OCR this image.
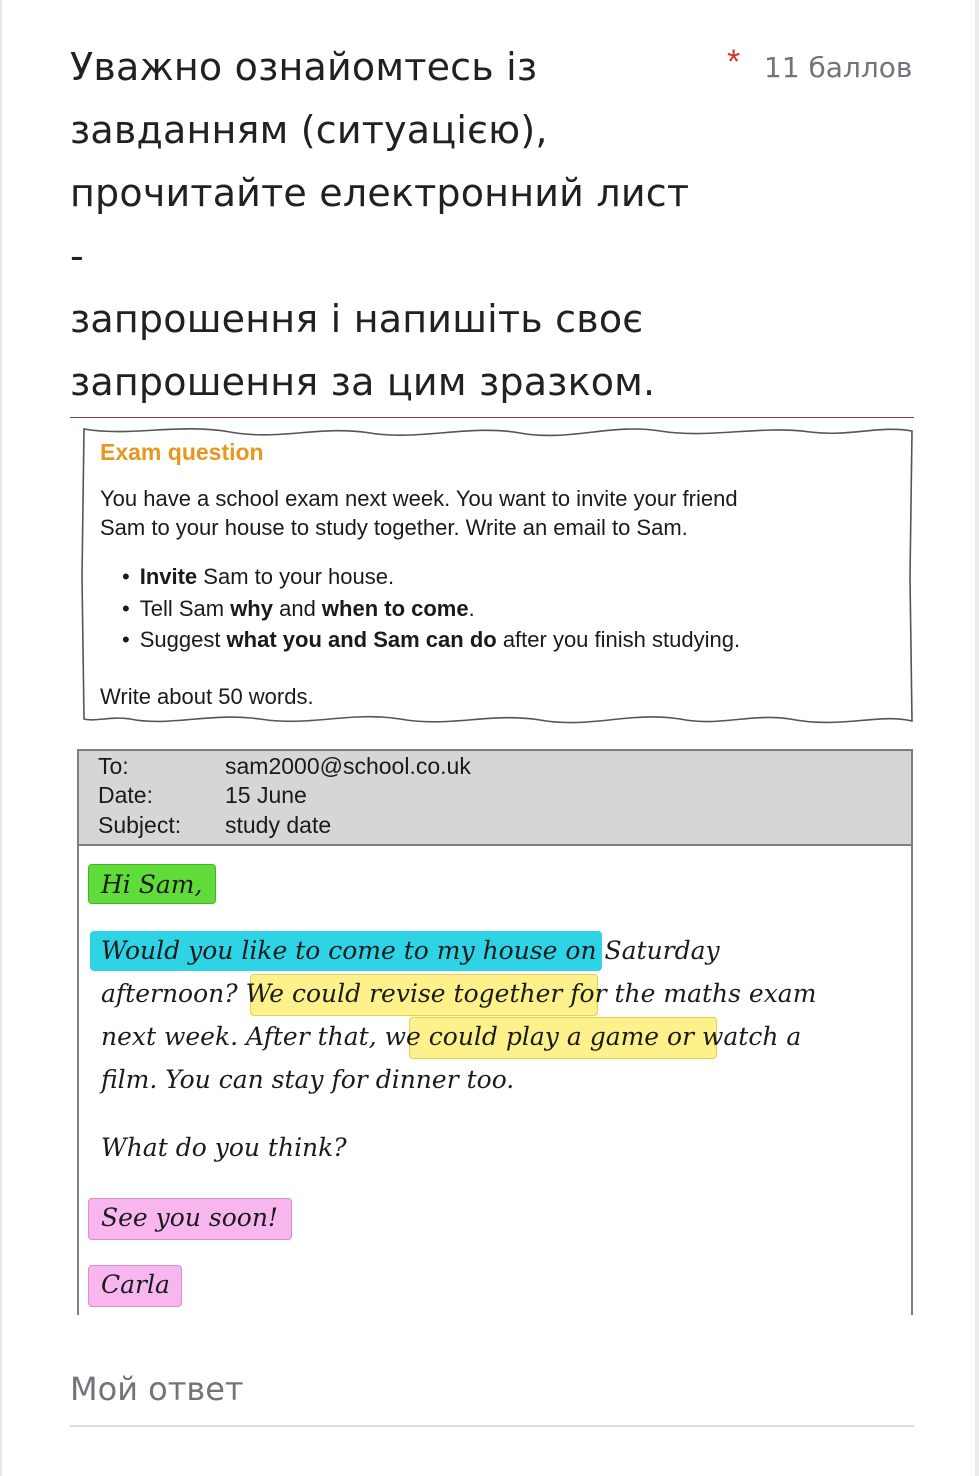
Уважно ознайомтесь із
завданням (ситуацією),
прочитайте електронний лист -
запрошення і напишіть своє
запрошення за цим зразком.
* 11 баллов
Exam question
You have a school exam next week. You want to invite your friend
Sam to your house to study together. Write an email to Sam.
• Invite Sam to your house.
• Tell Sam why and when to come.
• Suggest what you and Sam can do after you finish studying.
Write about 50 words.
To:	sam2000@school.co.uk
Date:	15 June
Subject: study date
Hi Sam,
Would you like to come to my house on Saturday
afternoon? We could revise together for the maths exam
next week. After that, we could play a game or watch a
film. You can stay for dinner too.
What do you think?
See you soon!
Carla
Мой ответ
